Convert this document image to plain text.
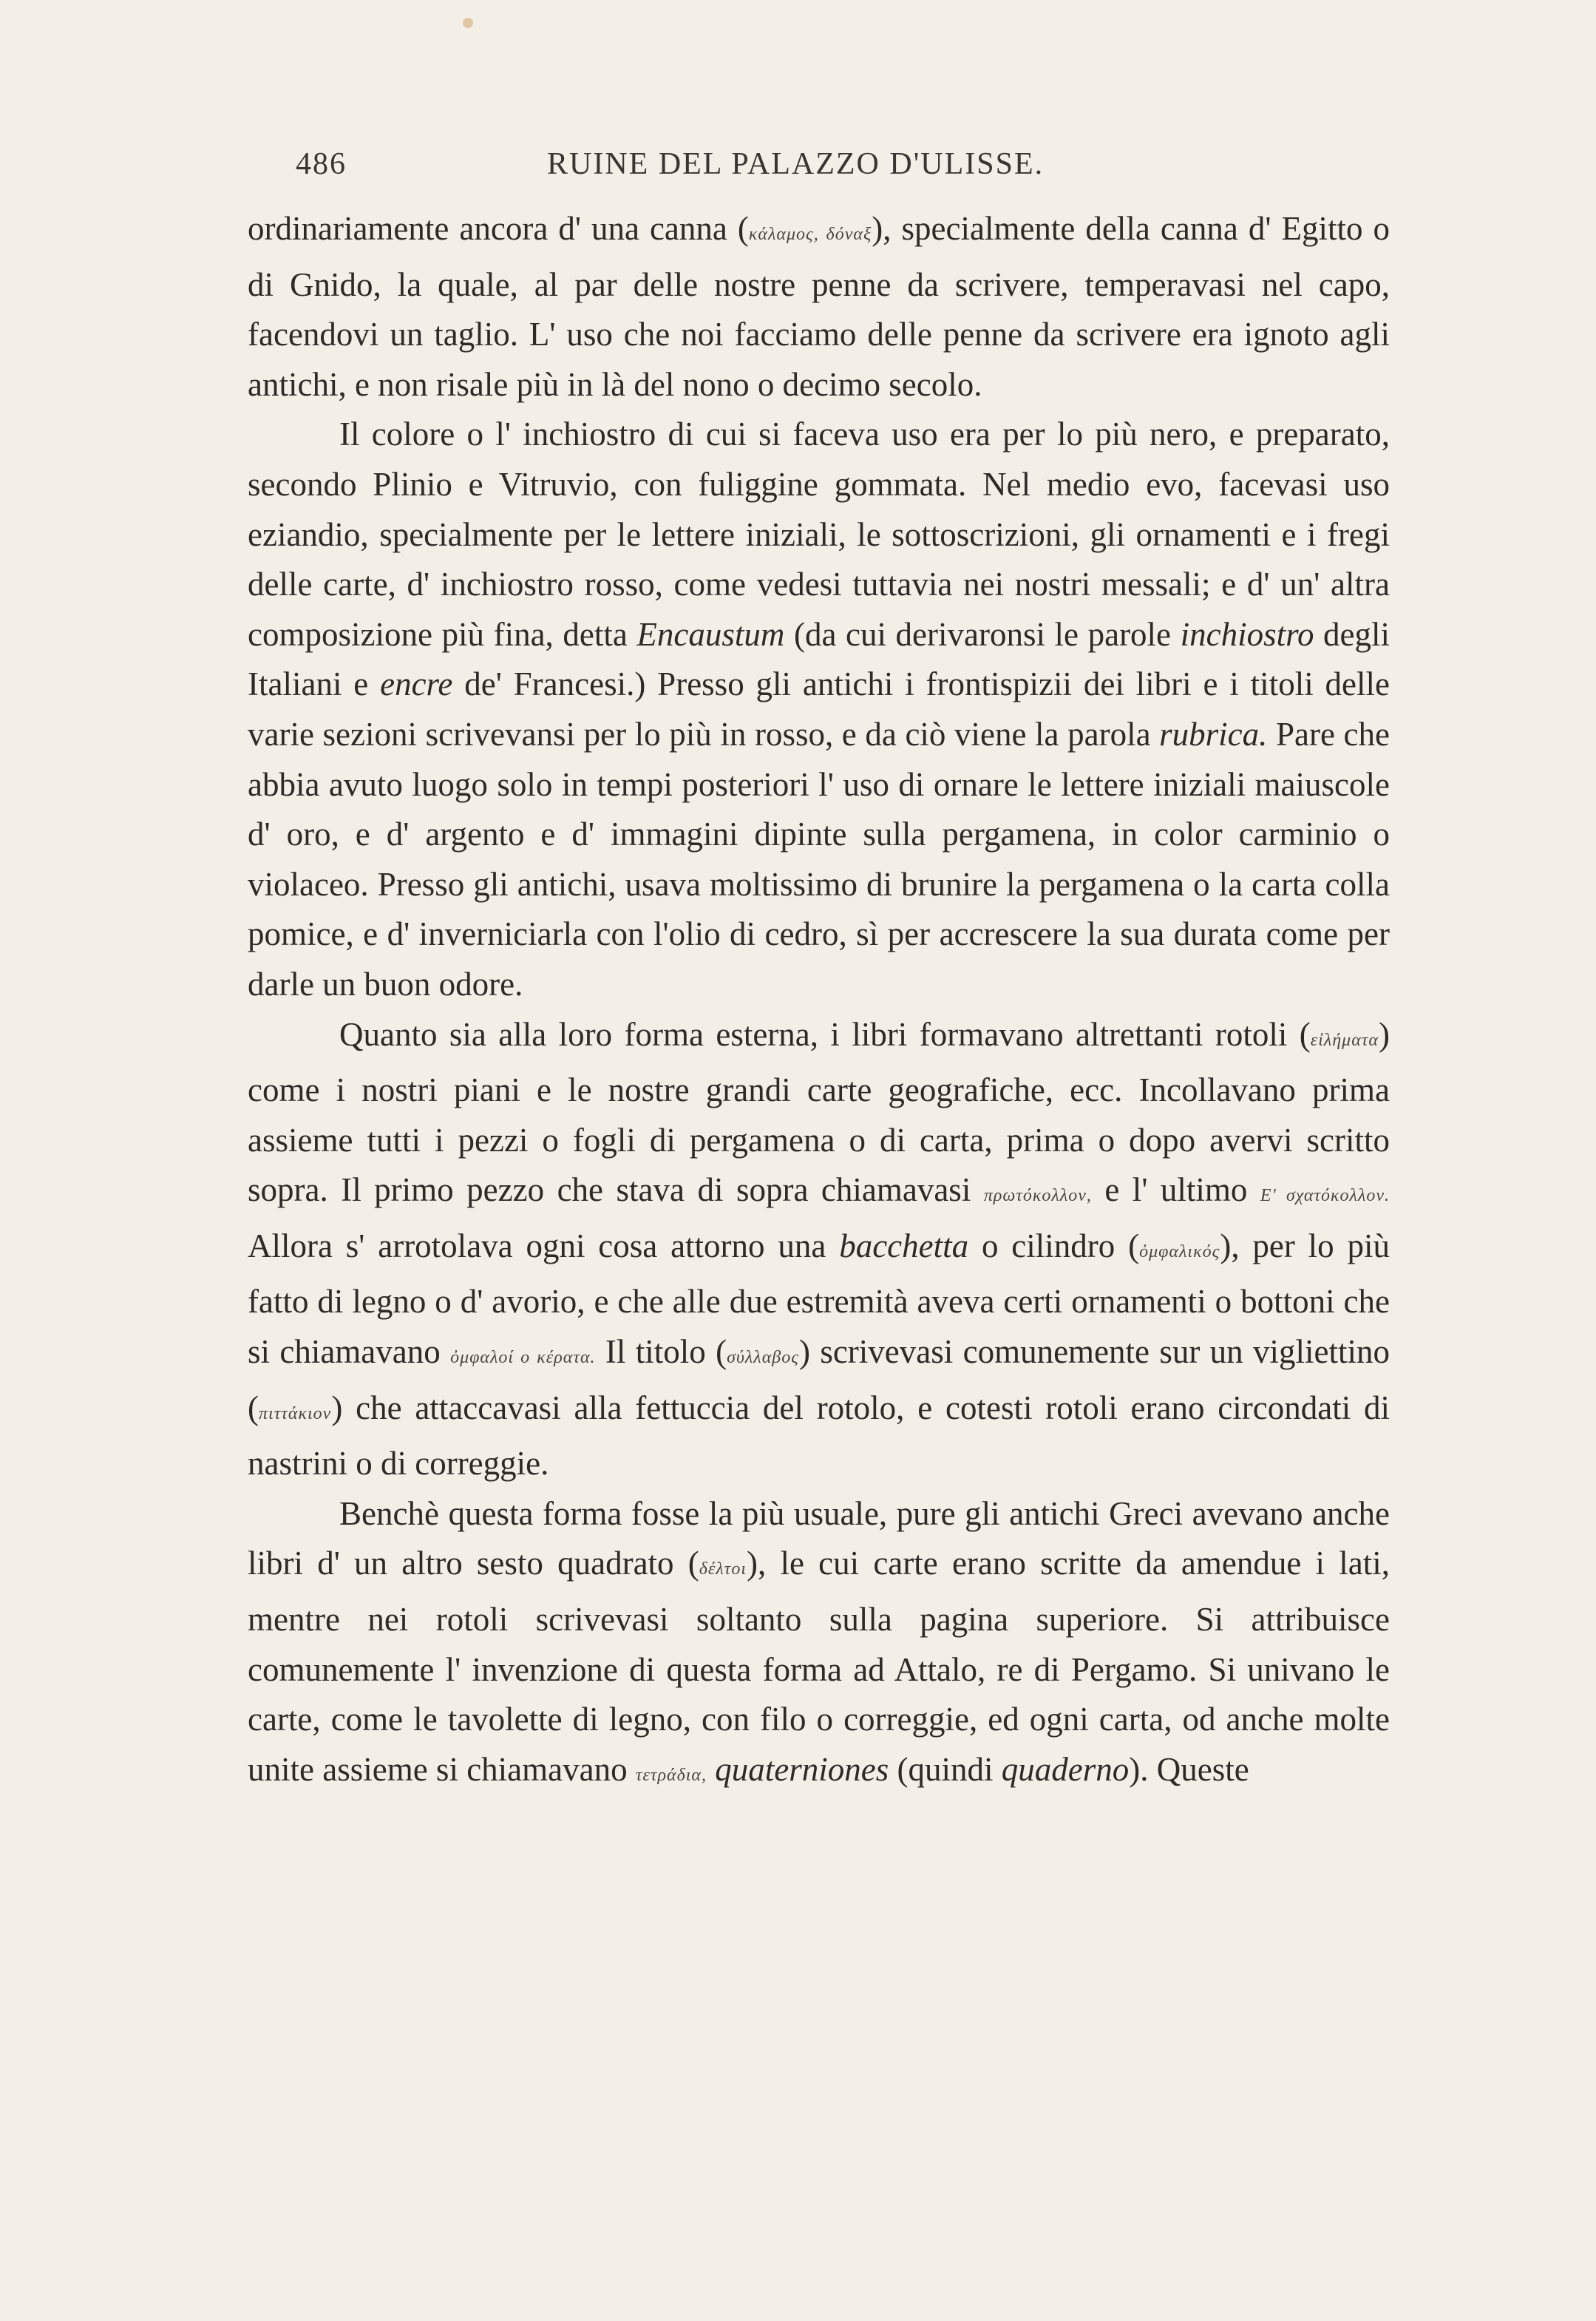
486	RUINE DEL PALAZZO D'ULISSE.

ordinariamente ancora d' una canna (κάλαμος, δόναξ), specialmente della canna d' Egitto o di Gnido, la quale, al par delle nostre penne da scrivere, temperavasi nel capo, facendovi un taglio. L' uso che noi facciamo delle penne da scrivere era ignoto agli antichi, e non risale più in là del nono o decimo secolo.

Il colore o l' inchiostro di cui si faceva uso era per lo più nero, e preparato, secondo Plinio e Vitruvio, con fuliggine gommata. Nel medio evo, facevasi uso eziandio, specialmente per le lettere iniziali, le sottoscrizioni, gli ornamenti e i fregi delle carte, d' inchiostro rosso, come vedesi tuttavia nei nostri messali; e d' un' altra composizione più fina, detta Encaustum (da cui derivaronsi le parole inchiostro degli Italiani e encre de' Francesi.) Presso gli antichi i frontispizii dei libri e i titoli delle varie sezioni scrivevansi per lo più in rosso, e da ciò viene la parola rubrica. Pare che abbia avuto luogo solo in tempi posteriori l' uso di ornare le lettere iniziali maiuscole d' oro, e d' argento e d' immagini dipinte sulla pergamena, in color carminio o violaceo. Presso gli antichi, usava moltissimo di brunire la pergamena o la carta colla pomice, e d' inverniciarla con l'olio di cedro, sì per accrescere la sua durata come per darle un buon odore.

Quanto sia alla loro forma esterna, i libri formavano altrettanti rotoli (εἰλήματα) come i nostri piani e le nostre grandi carte geografiche, ecc. Incollavano prima assieme tutti i pezzi o fogli di pergamena o di carta, prima o dopo avervi scritto sopra. Il primo pezzo che stava di sopra chiamavasi πρωτόκολλον, e l' ultimo Ε' σχατόκολλον. Allora s' arrotolava ogni cosa attorno una bacchetta o cilindro (ὀμφαλικός), per lo più fatto di legno o d' avorio, e che alle due estremità aveva certi ornamenti o bottoni che si chiamavano ὀμφαλοί ο κέρατα. Il titolo (σύλλαβος) scrivevasi comunemente sur un vigliettino (πιττάκιον) che attaccavasi alla fettuccia del rotolo, e cotesti rotoli erano circondati di nastrini o di correggie.

Benchè questa forma fosse la più usuale, pure gli antichi Greci avevano anche libri d' un altro sesto quadrato (δέλτοι), le cui carte erano scritte da amendue i lati, mentre nei rotoli scrivevasi soltanto sulla pagina superiore. Si attribuisce comunemente l' invenzione di questa forma ad Attalo, re di Pergamo. Si univano le carte, come le tavolette di legno, con filo o correggie, ed ogni carta, od anche molte unite assieme si chiamavano τετράδια, quaterniones (quindi quaderno). Queste
